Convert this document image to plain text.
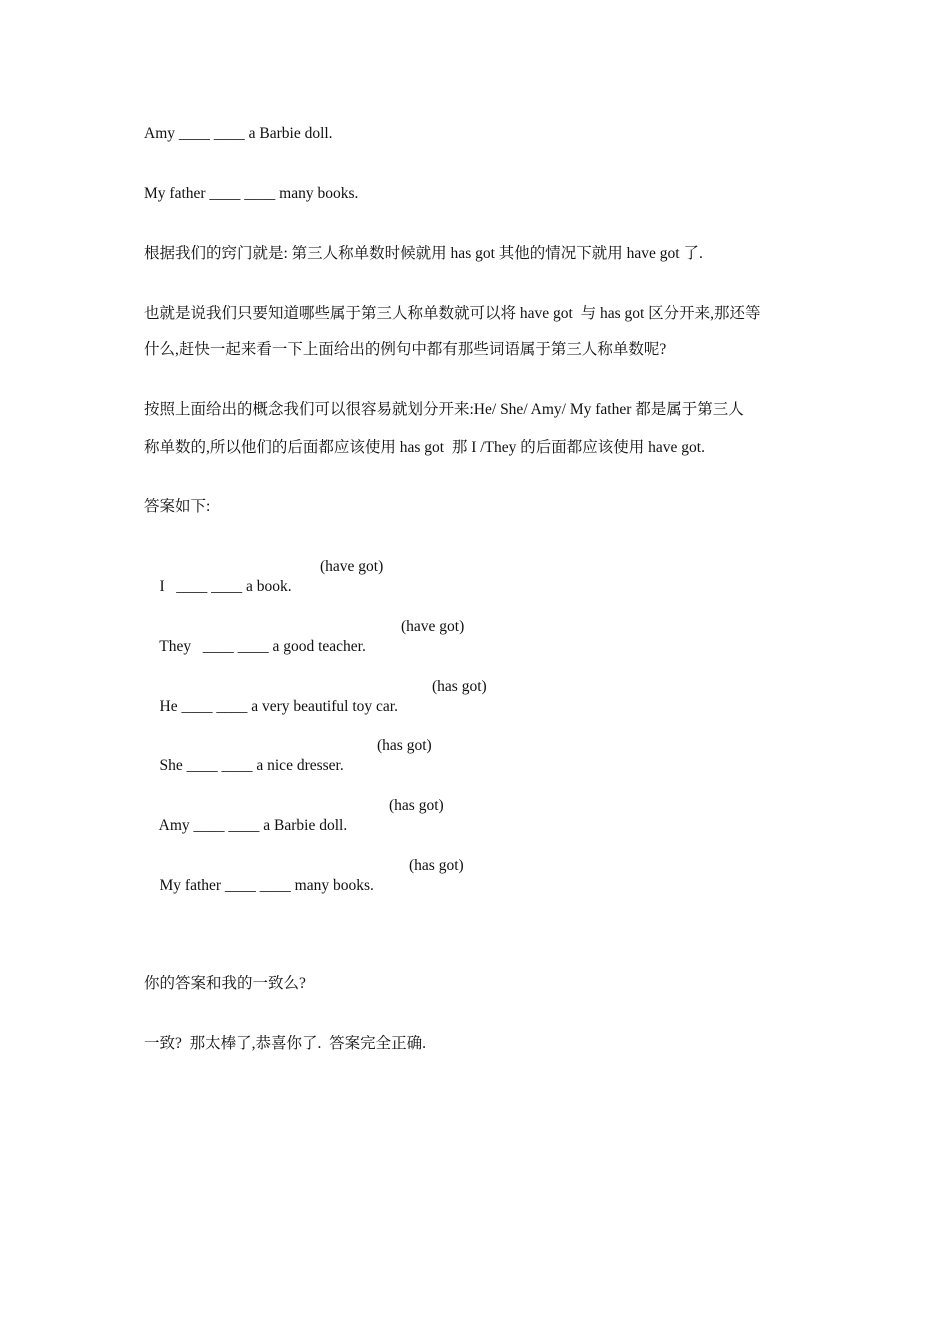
Amy ____ ____ a Barbie doll.

My father ____ ____ many books.

根据我们的窍门就是: 第三人称单数时候就用 has got 其他的情况下就用 have got 了.

也就是说我们只要知道哪些属于第三人称单数就可以将 have got  与 has got 区分开来,那还等

什么,赶快一起来看一下上面给出的例句中都有那些词语属于第三人称单数呢?

按照上面给出的概念我们可以很容易就划分开来:He/ She/ Amy/ My father 都是属于第三人

称单数的,所以他们的后面都应该使用 has got  那 I /They 的后面都应该使用 have got.

答案如下:

I   ____ ____ a book.

(have got)

They   ____ ____ a good teacher.

(have got)

He ____ ____ a very beautiful toy car.

(has got)

She ____ ____ a nice dresser.

(has got)

Amy ____ ____ a Barbie doll.

(has got)

My father ____ ____ many books.

(has got)

你的答案和我的一致么?

一致?  那太棒了,恭喜你了.  答案完全正确.
